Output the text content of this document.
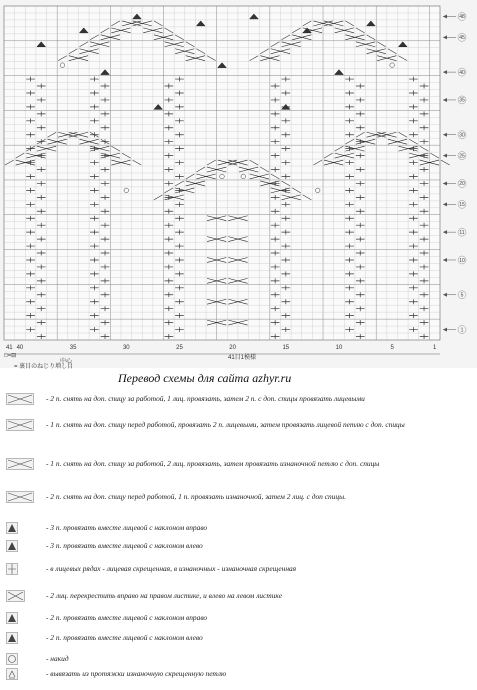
48
45
40
35
30
25
20
15
11
10
5
1
41 40	35	30	25	20	15	10	5	1
41目1模様
□=⊟
= 裏目のねじり増し目
中心
Перевод схемы для сайта azhyr.ru
- 2 п. снять на доп. спицу за работой, 1 лиц. провязать, затем 2 п. с доп. спицы провязать лицевыми
- 1 п. снять на доп. спицу перед работой, провязать 2 п. лицевыми, затем провязать лицевой петлю с доп. спицы
- 1 п. снять на доп. спицу за работой, 2 лиц. провязать, затем провязать изнаночной петлю с доп. спицы
- 2 п. снять на доп. спицу перед работой, 1 п. провязать изнаночной, затем 2 лиц. с доп спицы.
- 3 п. провязать вместе лицевой с наклоном вправо
- 3 п. провязать вместе лицевой с наклоном влево
- в лицевых рядах - лицевая скрещенная, в изнаночных - изнаночная скрещенная
- 2 лиц. перекрестить вправо на правом листике, и влево на левом листике
- 2 п. провязать вместе лицевой с наклоном вправо
- 2 п. провязать вместе лицевой с наклоном влево
- накид
- вывязать из протяжки изнаночную скрещенную петлю
